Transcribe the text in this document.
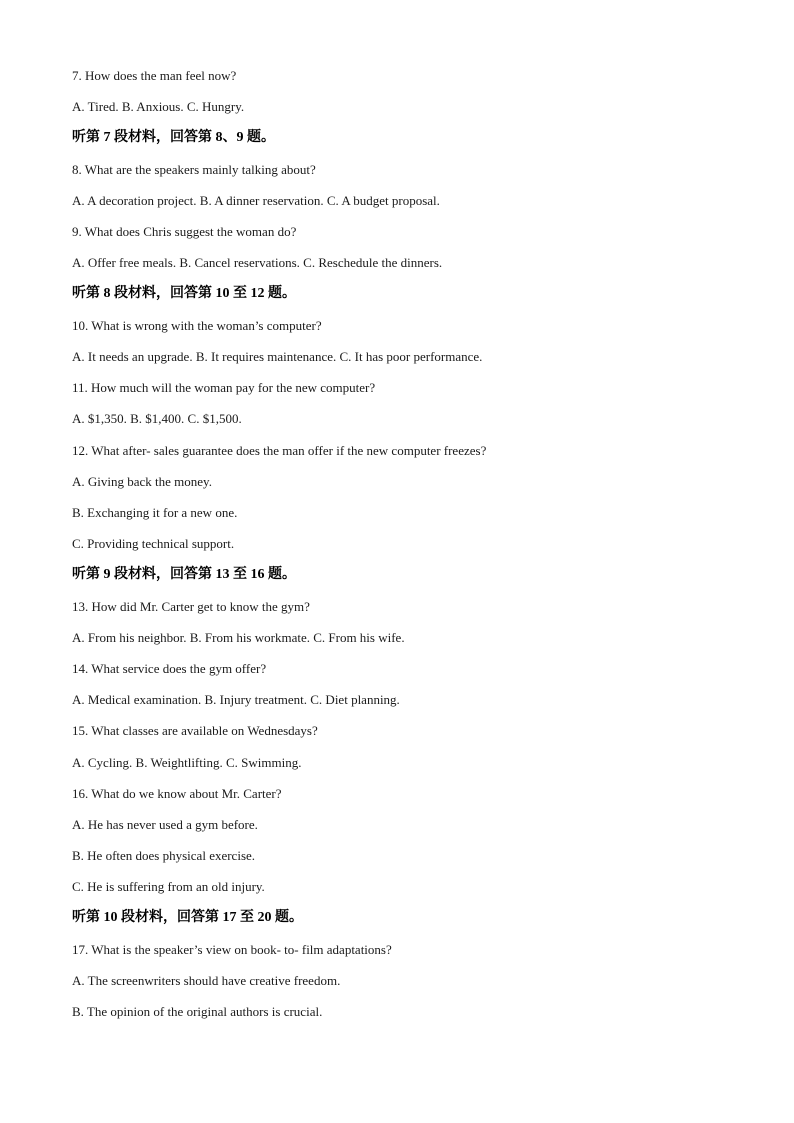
7. How does the man feel now?
A. Tired. B. Anxious. C. Hungry.
听第 7 段材料，回答第 8、9 题。
8. What are the speakers mainly talking about?
A. A decoration project. B. A dinner reservation. C. A budget proposal.
9. What does Chris suggest the woman do?
A. Offer free meals. B. Cancel reservations. C. Reschedule the dinners.
听第 8 段材料，回答第 10 至 12 题。
10. What is wrong with the woman’s computer?
A. It needs an upgrade. B. It requires maintenance. C. It has poor performance.
11. How much will the woman pay for the new computer?
A. $1,350. B. $1,400. C. $1,500.
12. What after- sales guarantee does the man offer if the new computer freezes?
A. Giving back the money.
B. Exchanging it for a new one.
C. Providing technical support.
听第 9 段材料，回答第 13 至 16 题。
13. How did Mr. Carter get to know the gym?
A. From his neighbor. B. From his workmate. C. From his wife.
14. What service does the gym offer?
A. Medical examination. B. Injury treatment. C. Diet planning.
15. What classes are available on Wednesdays?
A. Cycling. B. Weightlifting. C. Swimming.
16. What do we know about Mr. Carter?
A. He has never used a gym before.
B. He often does physical exercise.
C. He is suffering from an old injury.
听第 10 段材料，回答第 17 至 20 题。
17. What is the speaker’s view on book- to- film adaptations?
A. The screenwriters should have creative freedom.
B. The opinion of the original authors is crucial.
